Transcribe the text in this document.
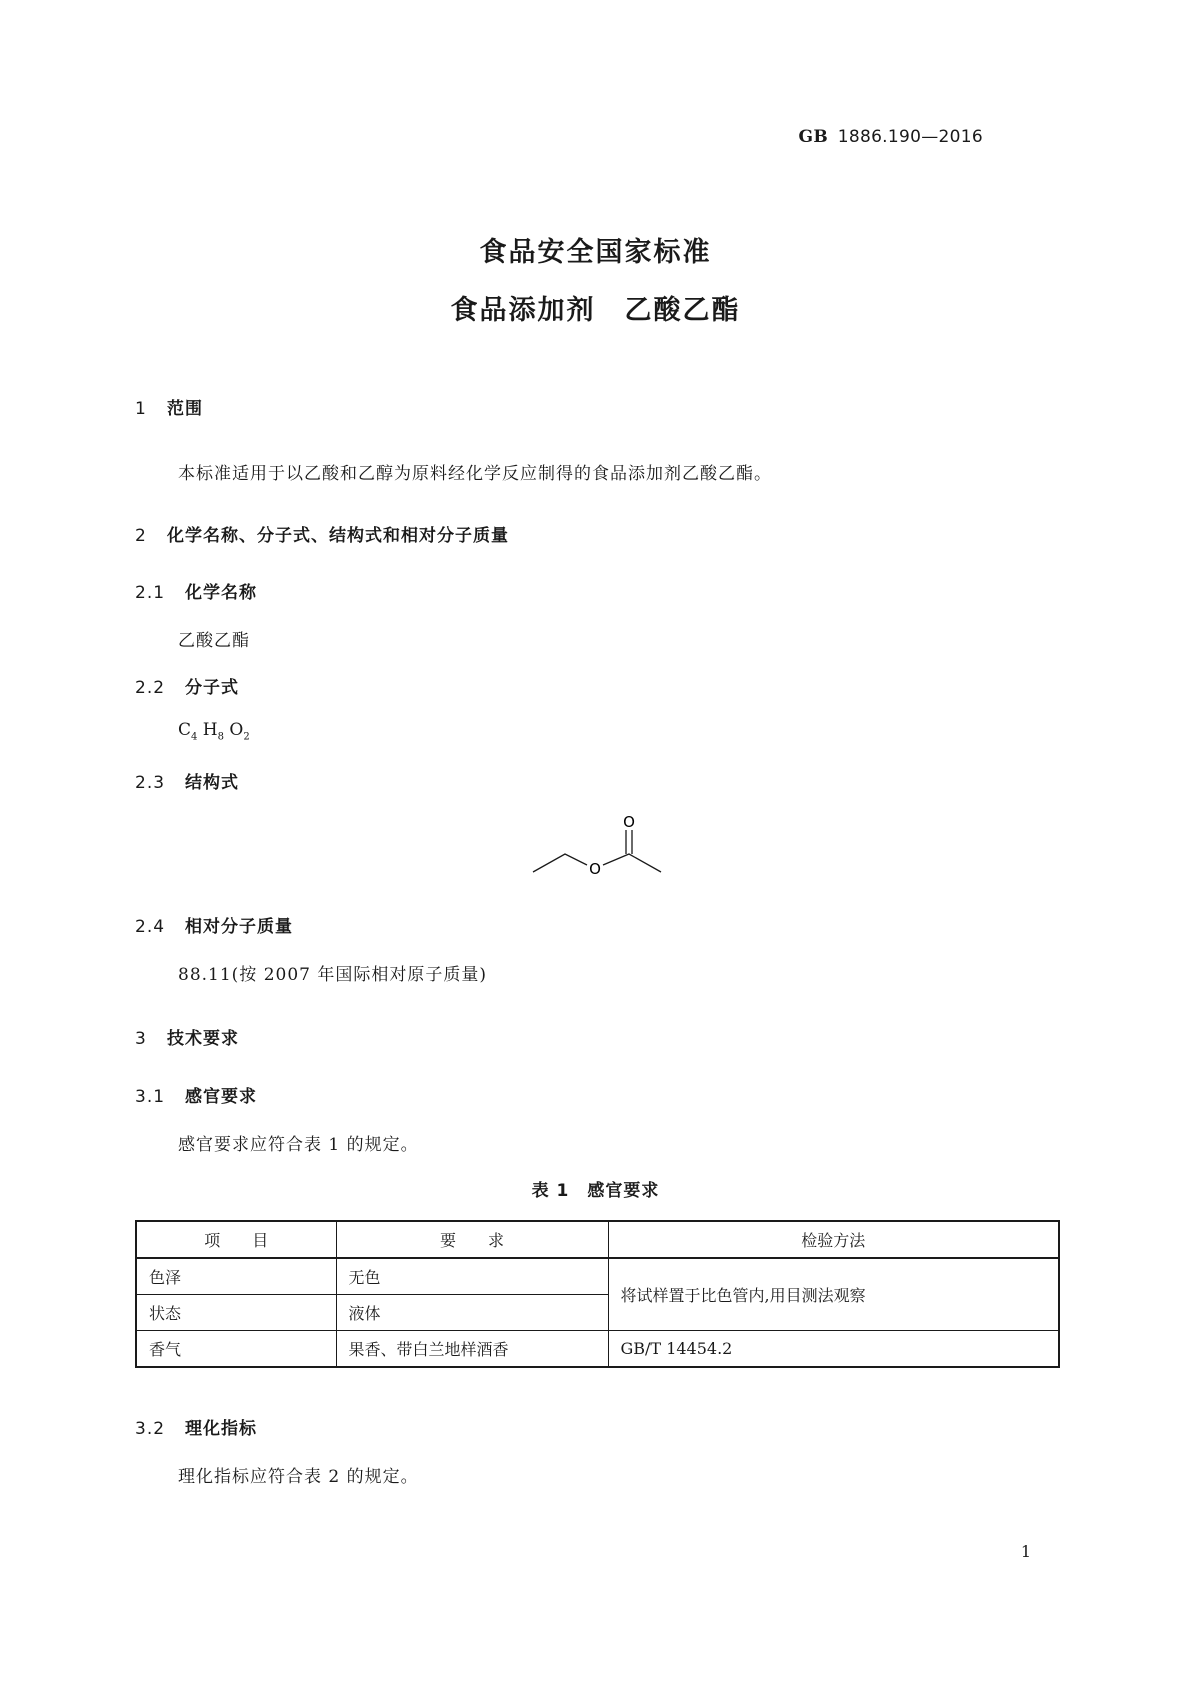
GB 1886.190—2016
食品安全国家标准
食品添加剂　乙酸乙酯
1 范围
本标准适用于以乙酸和乙醇为原料经化学反应制得的食品添加剂乙酸乙酯。
2 化学名称、分子式、结构式和相对分子质量
2.1 化学名称
乙酸乙酯
2.2 分子式
$C_4$ $H_8$ $O_2$
2.3 结构式
O
O
2.4 相对分子质量
88.11(按 2007 年国际相对原子质量)
3 技术要求
3.1 感官要求
感官要求应符合表 1 的规定。
表 1　感官要求
项　　目	要　　求	检验方法
色泽	无色	将试样置于比色管内,用目测法观察
状态	液体	
香气	果香、带白兰地样酒香	GB/T 14454.2
3.2 理化指标
理化指标应符合表 2 的规定。
1
